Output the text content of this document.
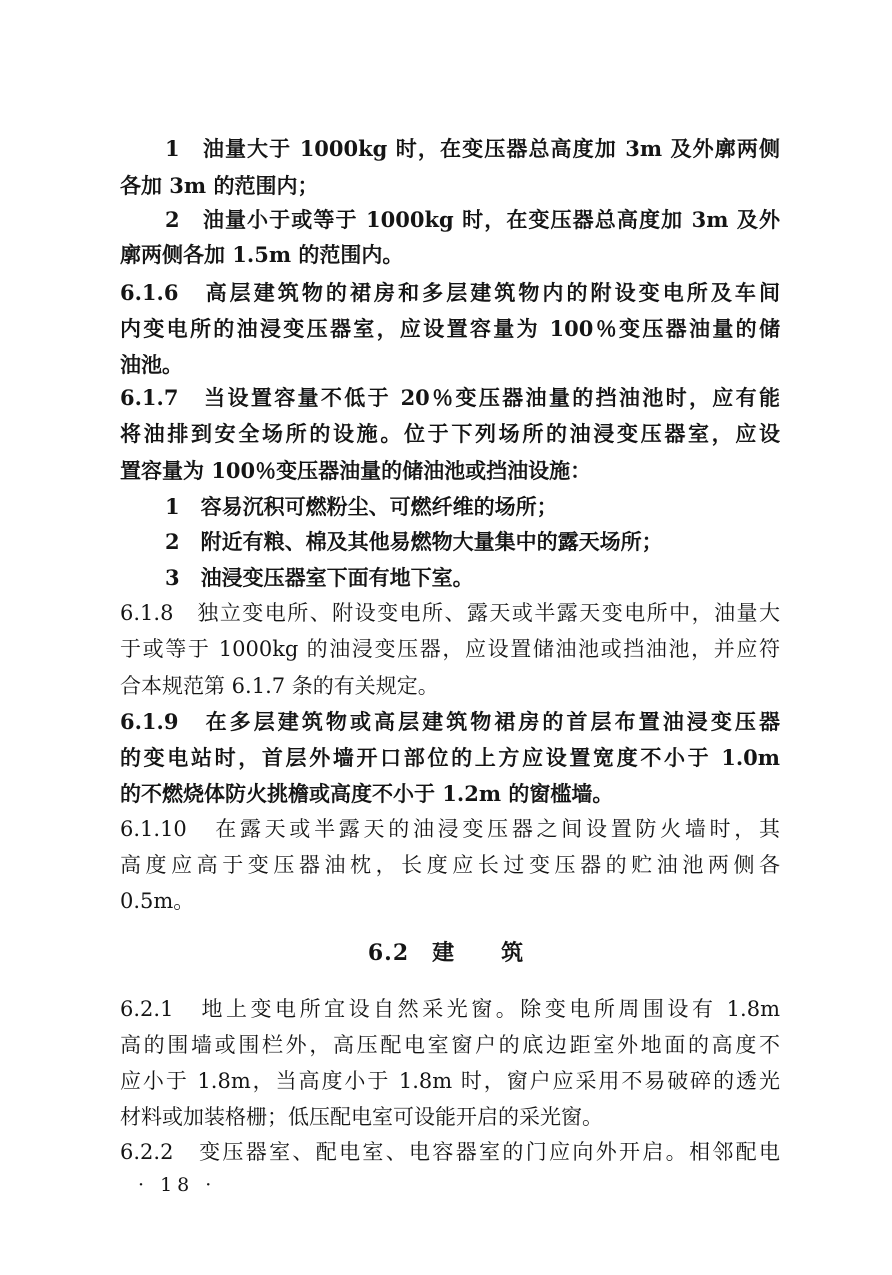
1　油量大于 1000kg 时，在变压器总高度加 3m 及外廓两侧
各加 3m 的范围内；
2　油量小于或等于 1000kg 时，在变压器总高度加 3m 及外
廓两侧各加 1.5m 的范围内。
6.1.6　高层建筑物的裙房和多层建筑物内的附设变电所及车间
内变电所的油浸变压器室，应设置容量为 100％变压器油量的储
油池。
6.1.7　当设置容量不低于 20％变压器油量的挡油池时，应有能
将油排到安全场所的设施。位于下列场所的油浸变压器室，应设
置容量为 100％变压器油量的储油池或挡油设施：
1　容易沉积可燃粉尘、可燃纤维的场所；
2　附近有粮、棉及其他易燃物大量集中的露天场所；
3　油浸变压器室下面有地下室。
6.1.8　独立变电所、附设变电所、露天或半露天变电所中，油量大
于或等于 1000kg 的油浸变压器，应设置储油池或挡油池，并应符
合本规范第 6.1.7 条的有关规定。
6.1.9　在多层建筑物或高层建筑物裙房的首层布置油浸变压器
的变电站时，首层外墙开口部位的上方应设置宽度不小于 1.0m
的不燃烧体防火挑檐或高度不小于 1.2m 的窗槛墙。
6.1.10　在露天或半露天的油浸变压器之间设置防火墙时，其
高度应高于变压器油枕，长度应长过变压器的贮油池两侧各
0.5m。
6.2　建　　筑
6.2.1　地上变电所宜设自然采光窗。除变电所周围设有 1.8m
高的围墙或围栏外，高压配电室窗户的底边距室外地面的高度不
应小于 1.8m，当高度小于 1.8m 时，窗户应采用不易破碎的透光
材料或加装格栅；低压配电室可设能开启的采光窗。
6.2.2　变压器室、配电室、电容器室的门应向外开启。相邻配电
· 18 ·
